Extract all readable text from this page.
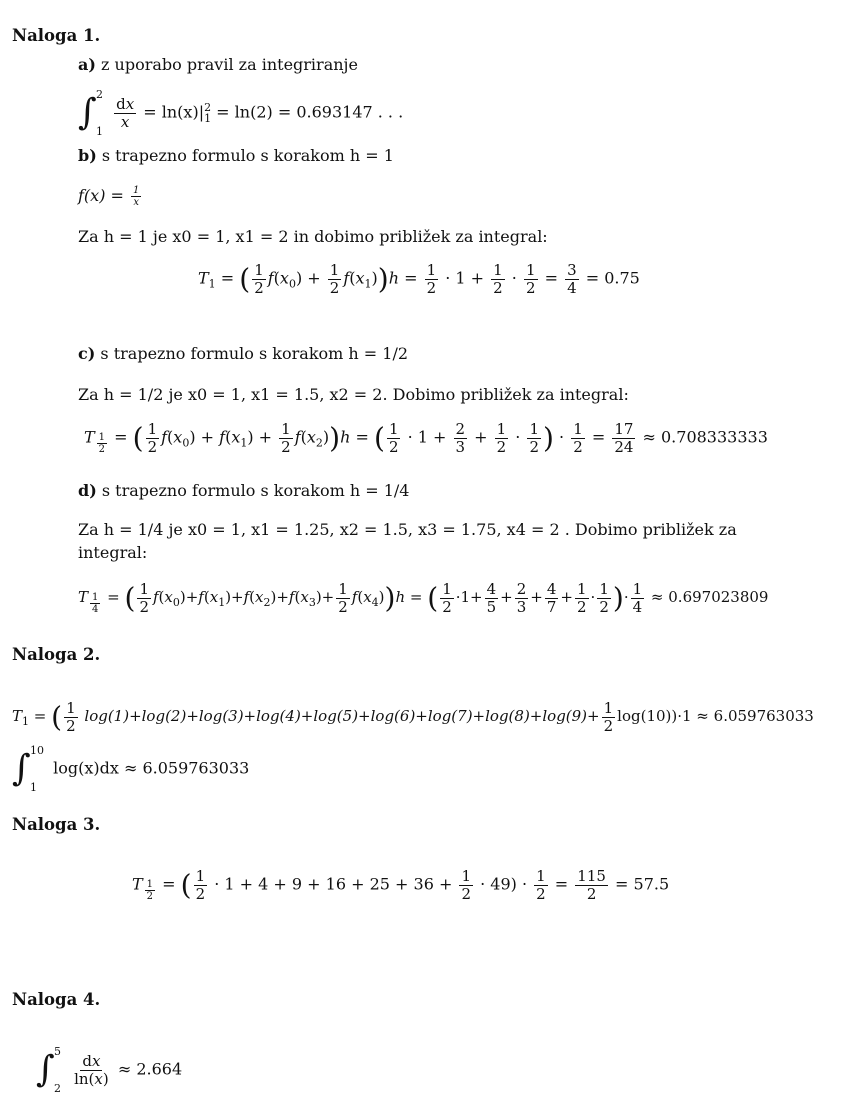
Naloga 1.
a) z uporabo pravil za integriranje
∫ 2
1

$\frac{dx}{x} = \ln(x)|$ 2
1 = ln(2) = 0.693147 . . .
b) s trapezno formulo s korakom h = 1
$f(x) = \frac{1}{x}$
Za h = 1 je x0 = 1, x1 = 2 in dobimo približek za integral:
$T_1$ = ( $\frac{1}{2} f(x_0) + \frac{1}{2} f(x_1))h = \frac{1}{2} \cdot 1 + \frac{1}{2} \cdot \frac{1}{2} = \frac{3}{4} = 0.75$
c) s trapezno formulo s korakom h = 1/2
Za h = 1/2 je x0 = 1, x1 = 1.5, x2 = 2. Dobimo približek za integral:
T $_{\frac{1}{2}}$ = ( $\frac{1}{2} f(x_0) + f(x_1) + \frac{1}{2} f(x_2))h$ = ( $\frac{1}{2} \cdot 1 + \frac{2}{3} + \frac{1}{2} \cdot \frac{1}{2}$ ) · $\frac{1}{2} = \frac{17}{24} \approx 0.708333333$
d) s trapezno formulo s korakom h = 1/4
Za h = 1/4 je x0 = 1, x1 = 1.25, x2 = 1.5, x3 = 1.75, x4 = 2 . Dobimo približek za
integral:
T $_{\frac{1}{4}}$ = ( $\frac{1}{2} f(x_0)+f(x_1)+f(x_2)+f(x_3)+ \frac{1}{2} f(x_4))h$ = ( $\frac{1}{2} \cdot 1+ \frac{4}{5} + \frac{2}{3} + \frac{4}{7} + \frac{1}{2} \cdot \frac{1}{2}$ )· $\frac{1}{4} \approx 0.697023809$
Naloga 2.
$T_1$ = ( $\frac{1}{2} \log(1)+\log(2)+\log(3)+\log(4)+\log(5)+\log(6)+\log(7)+\log(8)+\log(9)+ \frac{1}{2} \log(10))\cdot 1 \approx 6.059763033$
∫ 10
1
log(x)dx ≈ 6.059763033
Naloga 3.
T $_{\frac{1}{2}}$ = ( $\frac{1}{2} \cdot 1 + 4 + 9 + 16 + 25 + 36 + \frac{1}{2} \cdot 49) \cdot \frac{1}{2} = \frac{115}{2} = 57.5$
Naloga 4.
∫ 5
2

$\frac{dx}{\ln(x)} \approx 2.664$
